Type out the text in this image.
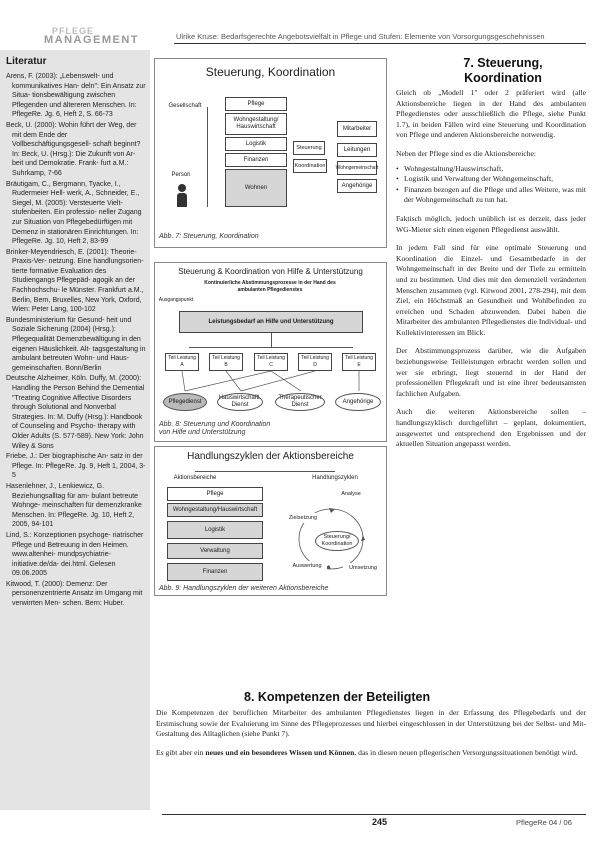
PFLEGE
MANAGEMENT	Ulrike Kruse: Bedarfsgerechte Angebotsvielfalt in Pflege und Stufen: Elemente von Vorsorgungsgeschehnissen
Literatur
Arens, F. (2003): „Lebenswelt- und kommunikatives Han- deln": Ein Ansatz zur Situa- tionsbewältigung zwischen Pflegenden und ältereren Menschen. In: PflegeRe. Jg. 6, Heft 2, S. 66-73
Beck, U. (2000): Wohin führt der Weg, der mit dem Ende der Vollbeschäftigungsgesell- schaft beginnt? In: Beck, U. (Hrsg.): Die Zukunft von Ar- beit und Demokratie. Frank- furt a.M.: Suhrkamp, 7-66
Bräutigam, C., Bergmann, Tyacke, I., Rudermeier Hell- werk, A., Schneider, E., Siegel, M. (2005): Versteuerte Vielt- stufenbeiten. Ein professio- neller Zugang zur Situation von Pflegebedürftigen mit Demenz in stationären Einrichtungen. In: PflegeRe. Jg. 10, Heft 2, 83-99
Brinker-Meyendriesch, E. (2001): Theorie-Praxis-Ver- netzung. Eine handlungsorien- tierte formative Evaluation des Studiengangs Pflegepäd- agogik an der Fachhochschu- le Münster. Frankfurt a.M., Berlin, Bern, Bruxelles, New York, Oxford, Wien: Peter Lang, 100-102
Bundesministerium für Gesund- heit und Soziale Sicherung (2004) (Hrsg.): Pflegequalität Demenzbewältigung in den eigenen Häuslichkeit. Alt- tagsgestaltung in ambulant betreuten Wohn- und Haus- gemeinschaften. Bonn/Berlin
Deutsche Alzheimer, Köln. Duffy, M. (2000): Handling the Person Behind the Demential "Treating Cognitive Affective Disorders through Solutional and Nonverbal Strategies. In: M. Duffy (Hrsg.): Handbook of Counseling and Psycho- therapy with Older Adults (S. 577-589). New York: John Wiley & Sons
Friebe, J.: Der biographische An- satz in der Pflege. In: PflegeRe. Jg. 9, Heft 1, 2004, 3-5
Hasenlehner, J., Lenkiewicz, G. Beziehungsalltag für am- bulant betreute Wohnge- meinschaften für demenzkranke Menschen. In: PflegeRe. Jg. 10, Heft 2, 2005, 94-101
Lind, S.: Konzeptionen psychoge- riatrischer Pflege und Betreuung in den Heimen. www.altenhei- mundpsychiatrie-initiative.de/da- dei.html. Gelesen 09.06.2005
Kitwood, T. (2000): Demenz: Der personenzentrierte Ansatz im Umgang mit verwirrten Men- schen. Bern: Huber.
Steuerung, Koordination
Gesellschaft
Person
Pflege
Wohngestaltung/ Hauswirtschaft
Logistik
Finanzen
Wohnen
Steuerung
Koordination
Mitarbeiter
Leitungen
Wohngemeinschaft
Angehörige
Abb. 7: Steuerung, Koordination
Steuerung & Koordination von Hilfe & Unterstützung
Kontinuierliche Abstimmungsprozesse in der Hand des ambulanten Pflegedienstes
Ausgangspunkt
Leistungsbedarf an Hilfe und Unterstützung
Teil Leistung A
Teil Leistung B
Teil Leistung C
Teil Leistung D
Teil Leistung E
Pflegedienst
Hauswirtschaftl. Dienst
Therapeutischer Dienst
Angehörige
Abb. 8: Steuerung und Koordination von Hilfe und Unterstützung
Handlungszyklen der Aktionsbereiche
Aktionsbereiche	Handlungszyklen
Pflege
Wohngestaltung/Hauswirtschaft
Logistik
Verwaltung
Finanzen
Analyse
Zielsetzung
Steuerung/ Koordination
Auswertung	Umsetzung
Abb. 9: Handlungszyklen der weiteren Aktionsbereiche
7. Steuerung, Koordination

Gleich ob „Modell 1" oder 2 präferiert wird (alle Aktionsbereiche liegen in der Hand des ambulanten Pflegedienstes oder ausschließlich die Pflege, siehe Punkt 1.7), in beiden Fällen wird eine Steuerung und Koordination von Pflege und anderen Aktionsbereiche notwendig.

Neben der Pflege sind es die Aktionsbereiche:

• Wohngestaltung/Hauswirtschaft,
• Logistik und Verwaltung der Wohngemeinschaft,
• Finanzen bezogen auf die Pflege und alles Weitere, was mit der Wohngemeinschaft zu tun hat.

Faktisch möglich, jedoch unüblich ist es derzeit, dass jeder WG-Mieter sich einen eigenen Pflegedienst auswählt.

In jedem Fall sind für eine optimale Steuerung und Koordination die Einzel- und Gesamtbedarfe in der Wohngemeinschaft in der Breite und der Tiefe zu ermitteln und zu bestimmen. Und dies mit den demenziell veränderten Menschen zusammen (vgl. Kitwood 2001, 278-294), mit dem Ziel, ein Höchstmaß an Gesundheit und Wohlbefinden zu erreichen und Schaden abzuwenden. Dabei haben die Mitarbeiter des ambulanten Pflegedienstes die Individual- und Kollektivinteressen im Blick.

Der Abstimmungsprozess darüber, wie die Aufgaben beziehungsweise Teilleistungen erbracht werden sollen und wer sie erbringt, liegt steuernd in der Hand der professionellen Pflegekraft und ist eine ihrer bedeutsamsten fachlichen Aufgaben.

Auch die weiteren Aktionsbereiche sollen – handlungszyklisch durchgeführt – geplant, dokumentiert, ausgewertet und entsprechend den Ergebnissen und der aktuellen Situation angepasst werden.

8. Kompetenzen der Beteiligten

Die Kompetenzen der beruflichen Mitarbeiter des ambulanten Pflegedienstes liegen in der Erfassung des Pflegebedarfs und der Erstmischung sowie der Evaluierung im Sinne des Pflegeprozesses und hierbei eingeschlossen in der Unterstützung bei der Selbst- und Mit-Gestaltung des Alltaglichen (siehe Punkt 7).

Es gibt aber ein neues und ein besonderes Wissen und Können, das in diesen neuen pflegerischen Versorgungssituationen benötigt wird.

245	PflegeRe 04 / 06
